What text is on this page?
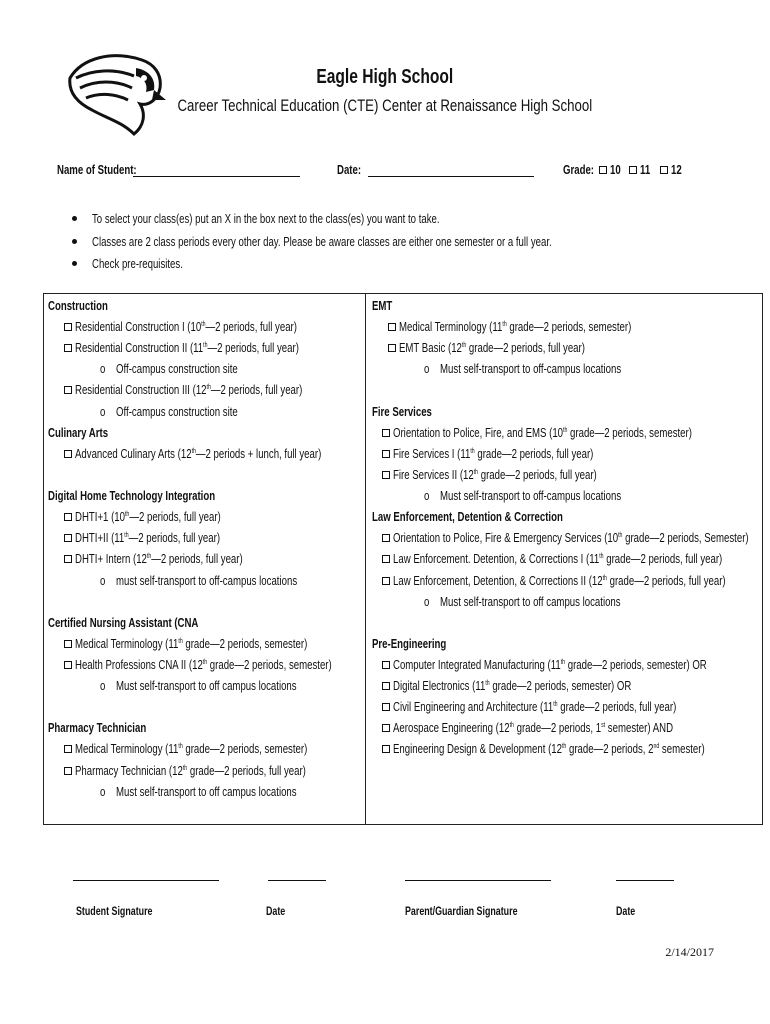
Eagle High School
Career Technical Education (CTE) Center at Renaissance High School
Name of Student:	Date:	Grade: 10 11 12
To select your class(es) put an X in the box next to the class(es) you want to take.
Classes are 2 class periods every other day. Please be aware classes are either one semester or a full year.
Check pre-requisites.
Construction
Residential Construction I (10th—2 periods, full year)
Residential Construction II (11th—2 periods, full year)
o    Off-campus construction site
Residential Construction III (12th—2 periods, full year)
o    Off-campus construction site
Culinary Arts
Advanced Culinary Arts (12th—2 periods + lunch, full year)
Digital Home Technology Integration
DHTI+1 (10th—2 periods, full year)
DHTI+II (11th—2 periods, full year)
DHTI+ Intern (12th—2 periods, full year)
o    must self-transport to off-campus locations
Certified Nursing Assistant (CNA
Medical Terminology (11th grade—2 periods, semester)
Health Professions CNA II (12th grade—2 periods, semester)
o    Must self-transport to off campus locations
Pharmacy Technician
Medical Terminology (11th grade—2 periods, semester)
Pharmacy Technician (12th grade—2 periods, full year)
o    Must self-transport to off campus locations
EMT
Medical Terminology (11th grade—2 periods, semester)
EMT Basic (12th grade—2 periods, full year)
o    Must self-transport to off-campus locations
Fire Services
Orientation to Police, Fire, and EMS (10th grade—2 periods, semester)
Fire Services I (11th grade—2 periods, full year)
Fire Services II (12th grade—2 periods, full year)
o    Must self-transport to off-campus locations
Law Enforcement, Detention & Correction
Orientation to Police, Fire & Emergency Services (10th grade—2 periods, Semester)
Law Enforcement. Detention, & Corrections I (11th grade—2 periods, full year)
Law Enforcement, Detention, & Corrections II (12th grade—2 periods, full year)
o    Must self-transport to off campus locations
Pre-Engineering
Computer Integrated Manufacturing (11th grade—2 periods, semester) OR
Digital Electronics (11th grade—2 periods, semester) OR
Civil Engineering and Architecture (11th grade—2 periods, full year)
Aerospace Engineering (12th grade—2 periods, 1st semester) AND
Engineering Design & Development (12th grade—2 periods, 2nd semester)
Student Signature	Date	Parent/Guardian Signature	Date
2/14/2017
